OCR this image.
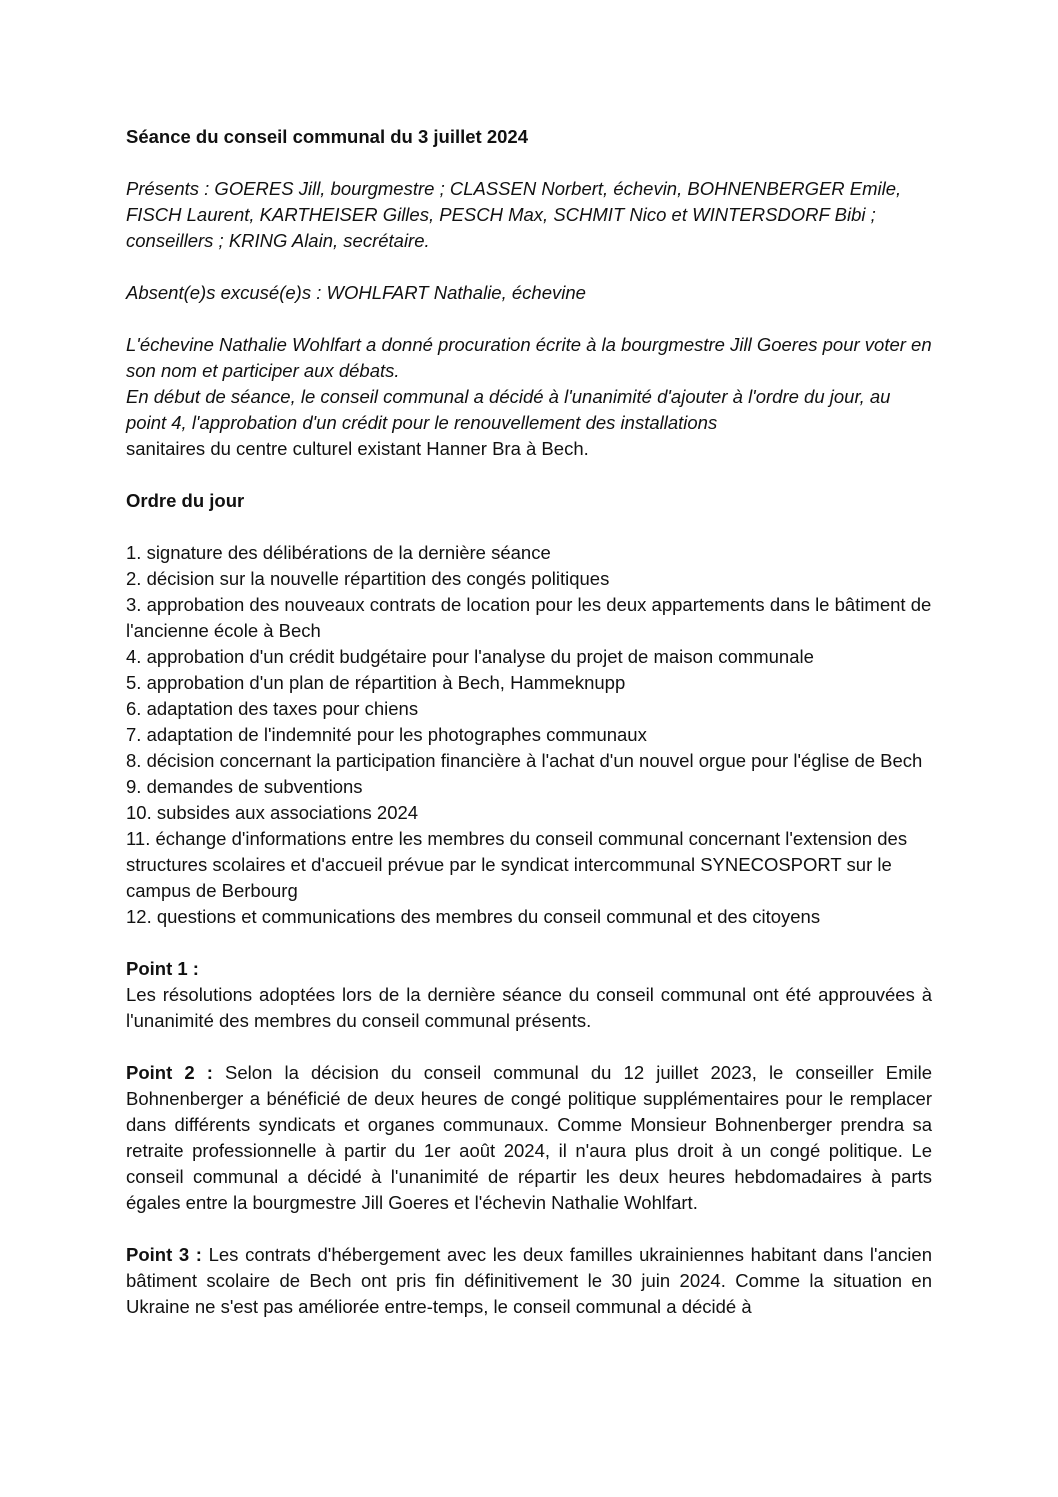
Séance du conseil communal du 3 juillet 2024

Présents : GOERES Jill, bourgmestre ; CLASSEN Norbert, échevin, BOHNENBERGER Emile, FISCH Laurent, KARTHEISER Gilles, PESCH Max, SCHMIT Nico et WINTERSDORF Bibi ; conseillers ; KRING Alain, secrétaire.

Absent(e)s excusé(e)s : WOHLFART Nathalie, échevine

L'échevine Nathalie Wohlfart a donné procuration écrite à la bourgmestre Jill Goeres pour voter en son nom et participer aux débats.

En début de séance, le conseil communal a décidé à l'unanimité d'ajouter à l'ordre du jour, au point 4, l'approbation d'un crédit pour le renouvellement des installations
sanitaires du centre culturel existant Hanner Bra à Bech.

Ordre du jour

1. signature des délibérations de la dernière séance

2. décision sur la nouvelle répartition des congés politiques

3. approbation des nouveaux contrats de location pour les deux appartements dans le bâtiment de l'ancienne école à Bech

4. approbation d'un crédit budgétaire pour l'analyse du projet de maison communale

5. approbation d'un plan de répartition à Bech, Hammeknupp

6. adaptation des taxes pour chiens

7. adaptation de l'indemnité pour les photographes communaux

8. décision concernant la participation financière à l'achat d'un nouvel orgue pour l'église de Bech

9. demandes de subventions

10. subsides aux associations 2024

11. échange d'informations entre les membres du conseil communal concernant l'extension des structures scolaires et d'accueil prévue par le syndicat intercommunal SYNECOSPORT sur le campus de Berbourg

12. questions et communications des membres du conseil communal et des citoyens

Point 1 :

Les résolutions adoptées lors de la dernière séance du conseil communal ont été approuvées à l'unanimité des membres du conseil communal présents.

Point 2 : Selon la décision du conseil communal du 12 juillet 2023, le conseiller Emile Bohnenberger a bénéficié de deux heures de congé politique supplémentaires pour le remplacer dans différents syndicats et organes communaux. Comme Monsieur Bohnenberger prendra sa retraite professionnelle à partir du 1er août 2024, il n'aura plus droit à un congé politique. Le conseil communal a décidé à l'unanimité de répartir les deux heures hebdomadaires à parts égales entre la bourgmestre Jill Goeres et l'échevin Nathalie Wohlfart.

Point 3 : Les contrats d'hébergement avec les deux familles ukrainiennes habitant dans l'ancien bâtiment scolaire de Bech ont pris fin définitivement le 30 juin 2024. Comme la situation en Ukraine ne s'est pas améliorée entre-temps, le conseil communal a décidé à
